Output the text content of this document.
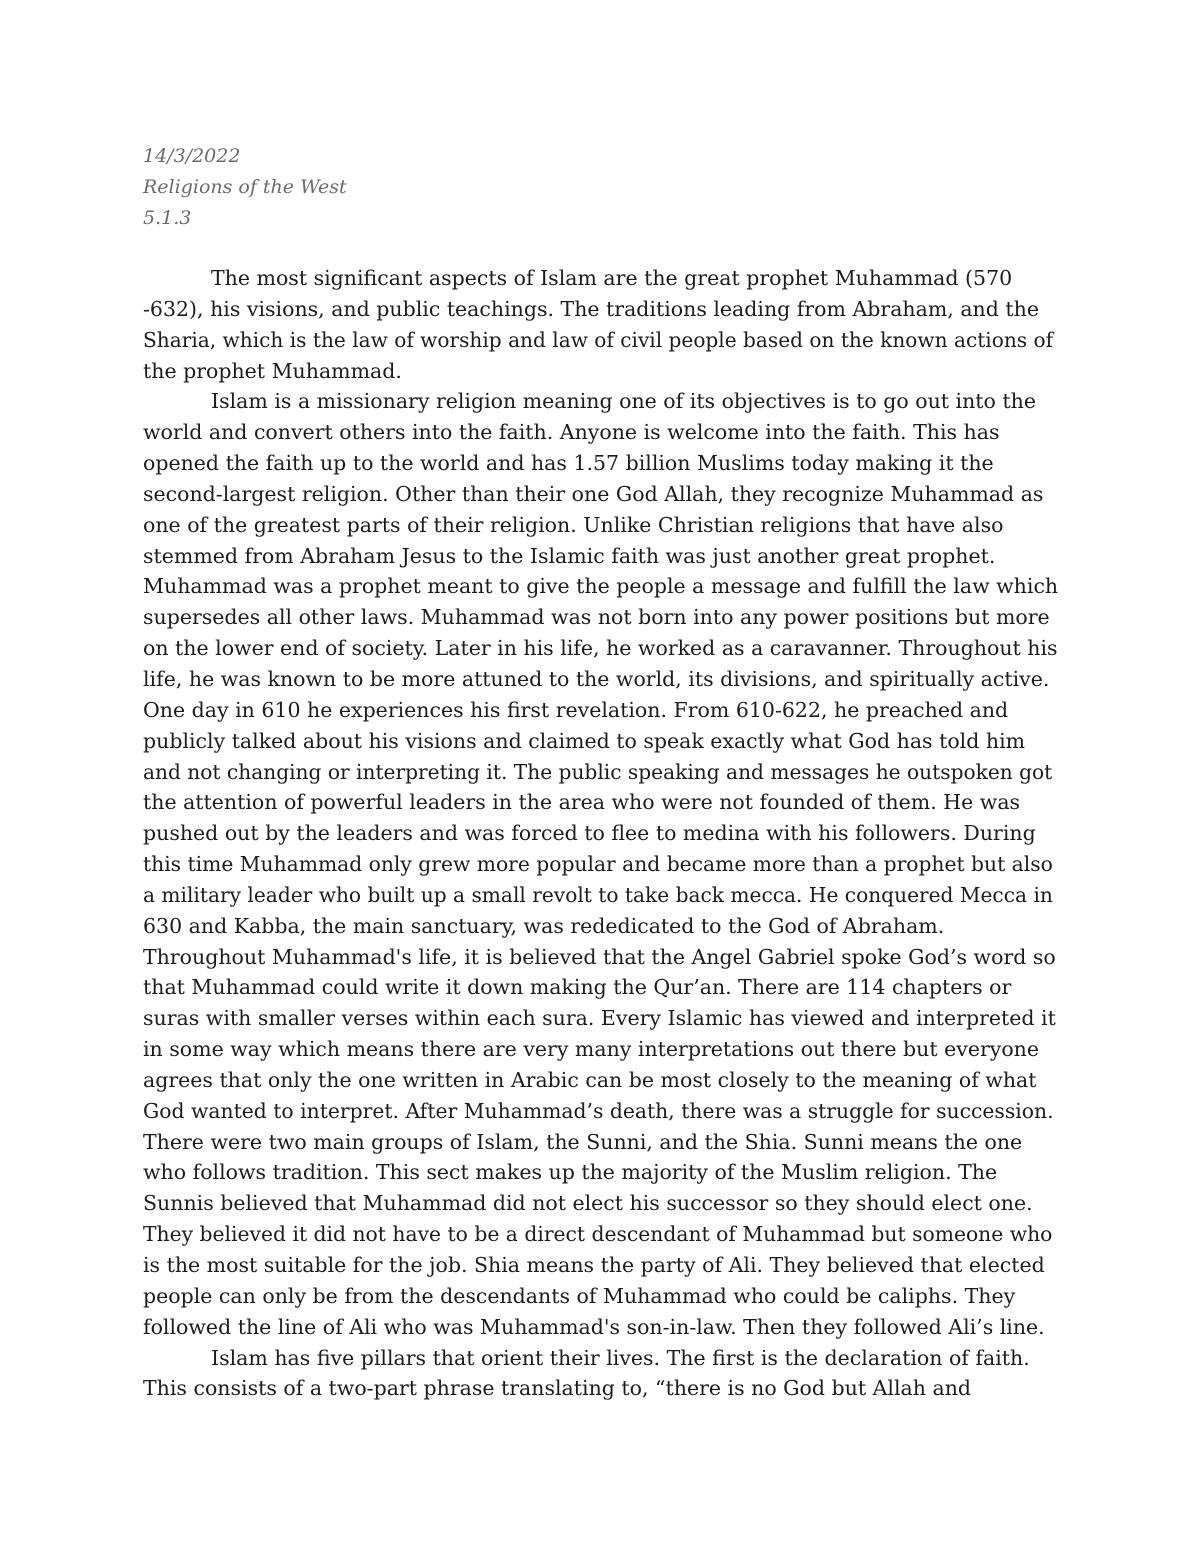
14/3/2022
Religions of the West
5.1.3
The most significant aspects of Islam are the great prophet Muhammad (570
-632), his visions, and public teachings. The traditions leading from Abraham, and the
Sharia, which is the law of worship and law of civil people based on the known actions of
the prophet Muhammad.
Islam is a missionary religion meaning one of its objectives is to go out into the
world and convert others into the faith. Anyone is welcome into the faith. This has
opened the faith up to the world and has 1.57 billion Muslims today making it the
second-largest religion. Other than their one God Allah, they recognize Muhammad as
one of the greatest parts of their religion. Unlike Christian religions that have also
stemmed from Abraham Jesus to the Islamic faith was just another great prophet.
Muhammad was a prophet meant to give the people a message and fulfill the law which
supersedes all other laws. Muhammad was not born into any power positions but more
on the lower end of society. Later in his life, he worked as a caravanner. Throughout his
life, he was known to be more attuned to the world, its divisions, and spiritually active.
One day in 610 he experiences his first revelation. From 610-622, he preached and
publicly talked about his visions and claimed to speak exactly what God has told him
and not changing or interpreting it. The public speaking and messages he outspoken got
the attention of powerful leaders in the area who were not founded of them. He was
pushed out by the leaders and was forced to flee to medina with his followers. During
this time Muhammad only grew more popular and became more than a prophet but also
a military leader who built up a small revolt to take back mecca. He conquered Mecca in
630 and Kabba, the main sanctuary, was rededicated to the God of Abraham.
Throughout Muhammad's life, it is believed that the Angel Gabriel spoke God’s word so
that Muhammad could write it down making the Qur’an. There are 114 chapters or
suras with smaller verses within each sura. Every Islamic has viewed and interpreted it
in some way which means there are very many interpretations out there but everyone
agrees that only the one written in Arabic can be most closely to the meaning of what
God wanted to interpret. After Muhammad’s death, there was a struggle for succession.
There were two main groups of Islam, the Sunni, and the Shia. Sunni means the one
who follows tradition. This sect makes up the majority of the Muslim religion. The
Sunnis believed that Muhammad did not elect his successor so they should elect one.
They believed it did not have to be a direct descendant of Muhammad but someone who
is the most suitable for the job. Shia means the party of Ali. They believed that elected
people can only be from the descendants of Muhammad who could be caliphs. They
followed the line of Ali who was Muhammad's son-in-law. Then they followed Ali’s line.
Islam has five pillars that orient their lives. The first is the declaration of faith.
This consists of a two-part phrase translating to, “there is no God but Allah and
